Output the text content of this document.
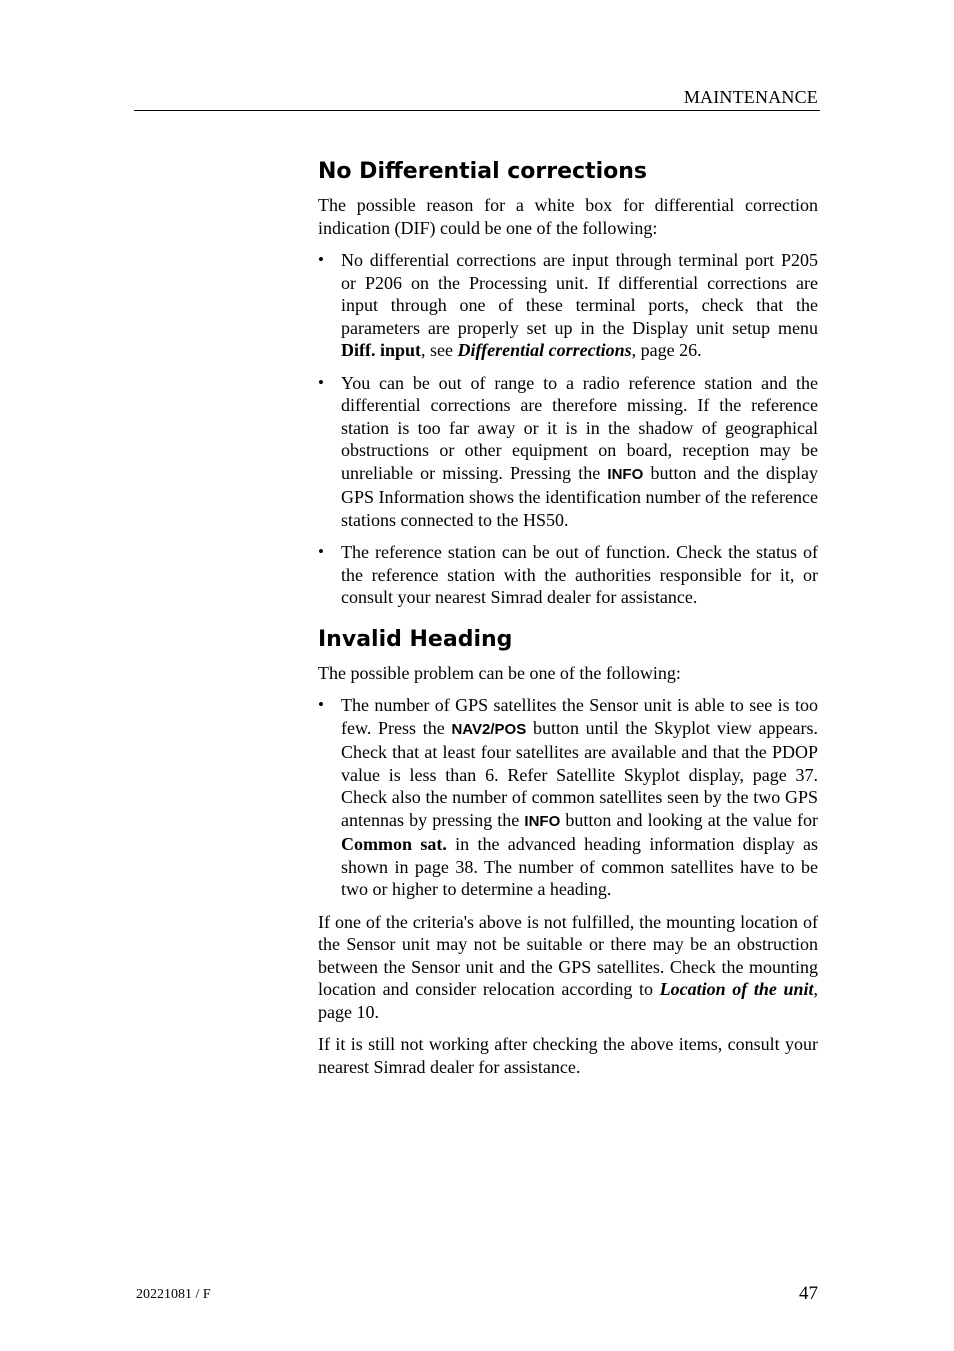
MAINTENANCE
No Differential corrections

The possible reason for a white box for differential correction indication (DIF) could be one of the following:

• No differential corrections are input through terminal port P205 or P206 on the Processing unit. If differential corrections are input through one of these terminal ports, check that the parameters are properly set up in the Display unit setup menu Diff. input, see Differential corrections, page 26.
• You can be out of range to a radio reference station and the differential corrections are therefore missing. If the reference station is too far away or it is in the shadow of geographical obstructions or other equipment on board, reception may be unreliable or missing. Pressing the INFO button and the display GPS Information shows the identification number of the reference stations connected to the HS50.
• The reference station can be out of function. Check the status of the reference station with the authorities responsible for it, or consult your nearest Simrad dealer for assistance.
Invalid Heading

The possible problem can be one of the following:

• The number of GPS satellites the Sensor unit is able to see is too few. Press the NAV2/POS button until the Skyplot view appears. Check that at least four satellites are available and that the PDOP value is less than 6. Refer Satellite Skyplot display, page 37. Check also the number of common satellites seen by the two GPS antennas by pressing the INFO button and looking at the value for Common sat. in the advanced heading information display as shown in page 38. The number of common satellites have to be two or higher to determine a heading.

If one of the criteria's above is not fulfilled, the mounting location of the Sensor unit may not be suitable or there may be an obstruction between the Sensor unit and the GPS satellites. Check the mounting location and consider relocation according to Location of the unit, page 10.

If it is still not working after checking the above items, consult your nearest Simrad dealer for assistance.

20221081 / F	47
